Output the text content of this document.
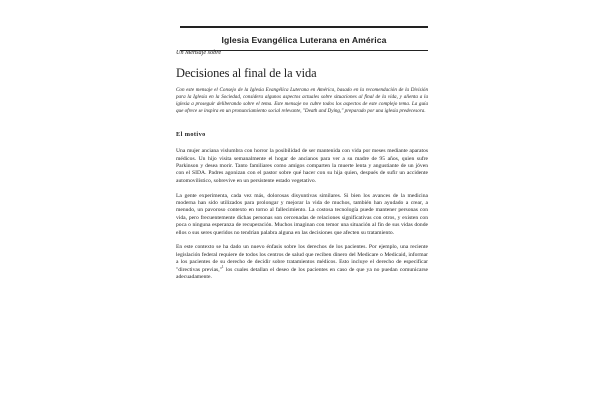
Iglesia Evangélica Luterana en América

Un Mensaje sobre

Decisiones al final de la vida

Con este mensaje el Consejo de la Iglesia Evangélica Luterana en América, basado en la recomendación de la División para la Iglesia en la Sociedad, considera algunos aspectos actuales sobre situaciones al final de la vida, y alienta a la iglesia a proseguir deliberando sobre el tema. Este mensaje no cubre todos los aspectos de este complejo tema. La guía que ofrece se inspira en un pronunciamiento social relevante, "Death and Dying," preparado por una iglesia predecesora.

El motivo

Una mujer anciana vislumbra con horror la posibilidad de ser mantenida con vida por meses mediante aparatos médicos. Un hijo visita semanalmente el hogar de ancianos para ver a su madre de 95 años, quien sufre Parkinson y desea morir. Tanto familiares como amigos comparten la muerte lenta y angustiante de un jóven con el SIDA. Padres agonizan con el pastor sobre qué hacer con su hija quien, después de sufir un accidente automovilístico, sobrevive en un persistente estado vegetativo.

La gente experimenta, cada vez más, dolorosas disyuntivas similares. Si bien los avances de la medicina moderna han sido utilizados para prolongar y mejorar la vida de muchos, también han ayudado a crear, a menudo, un pavoroso contexto en torno al fallecimiento. La costosa tecnología puede mantener personas con vida, pero frecuentemente dichas personas son cercenadas de relaciones significativas con otros, y existen con poca o ninguna esperanza de recuperación. Muchos imaginan con temor una situación al fin de sus vidas donde ellos o sus seres queridos no tendrían palabra alguna en las decisiones que afecten su tratamiento.

En este contexto se ha dado un nuevo énfasis sobre los derechos de los pacientes. Por ejemplo, una reciente legislación federal requiere de todos los centros de salud que reciben dinero del Medicare o Medicaid, informar a los pacientes de su derecho de decidir sobre tratamientos médicos. Esto incluye el derecho de especificar "directivas previas,"$^1$ los cuales detallan el deseo de los pacientes en caso de que ya no puedan comunicarse adecuadamente.
